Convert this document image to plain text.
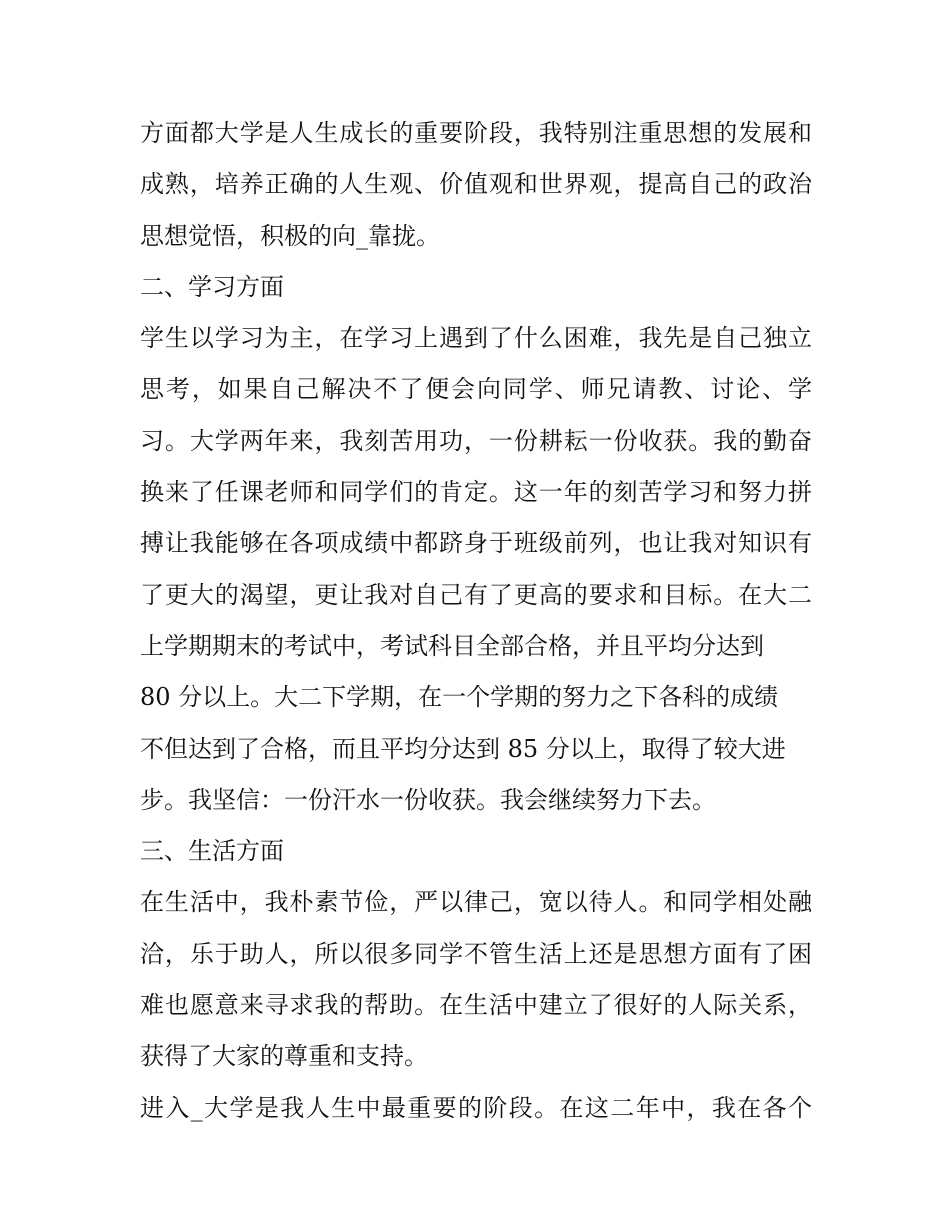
方面都大学是人生成长的重要阶段，我特别注重思想的发展和
成熟，培养正确的人生观、价值观和世界观，提高自己的政治
思想觉悟，积极的向_靠拢。
二、学习方面
学生以学习为主，在学习上遇到了什么困难，我先是自己独立
思考，如果自己解决不了便会向同学、师兄请教、讨论、学
习。大学两年来，我刻苦用功，一份耕耘一份收获。我的勤奋
换来了任课老师和同学们的肯定。这一年的刻苦学习和努力拼
搏让我能够在各项成绩中都跻身于班级前列，也让我对知识有
了更大的渴望，更让我对自己有了更高的要求和目标。在大二
上学期期末的考试中，考试科目全部合格，并且平均分达到
80 分以上。大二下学期，在一个学期的努力之下各科的成绩
不但达到了合格，而且平均分达到 85 分以上，取得了较大进
步。我坚信：一份汗水一份收获。我会继续努力下去。
三、生活方面
在生活中，我朴素节俭，严以律己，宽以待人。和同学相处融
洽，乐于助人，所以很多同学不管生活上还是思想方面有了困
难也愿意来寻求我的帮助。在生活中建立了很好的人际关系，
获得了大家的尊重和支持。
进入_大学是我人生中最重要的阶段。在这二年中，我在各个
